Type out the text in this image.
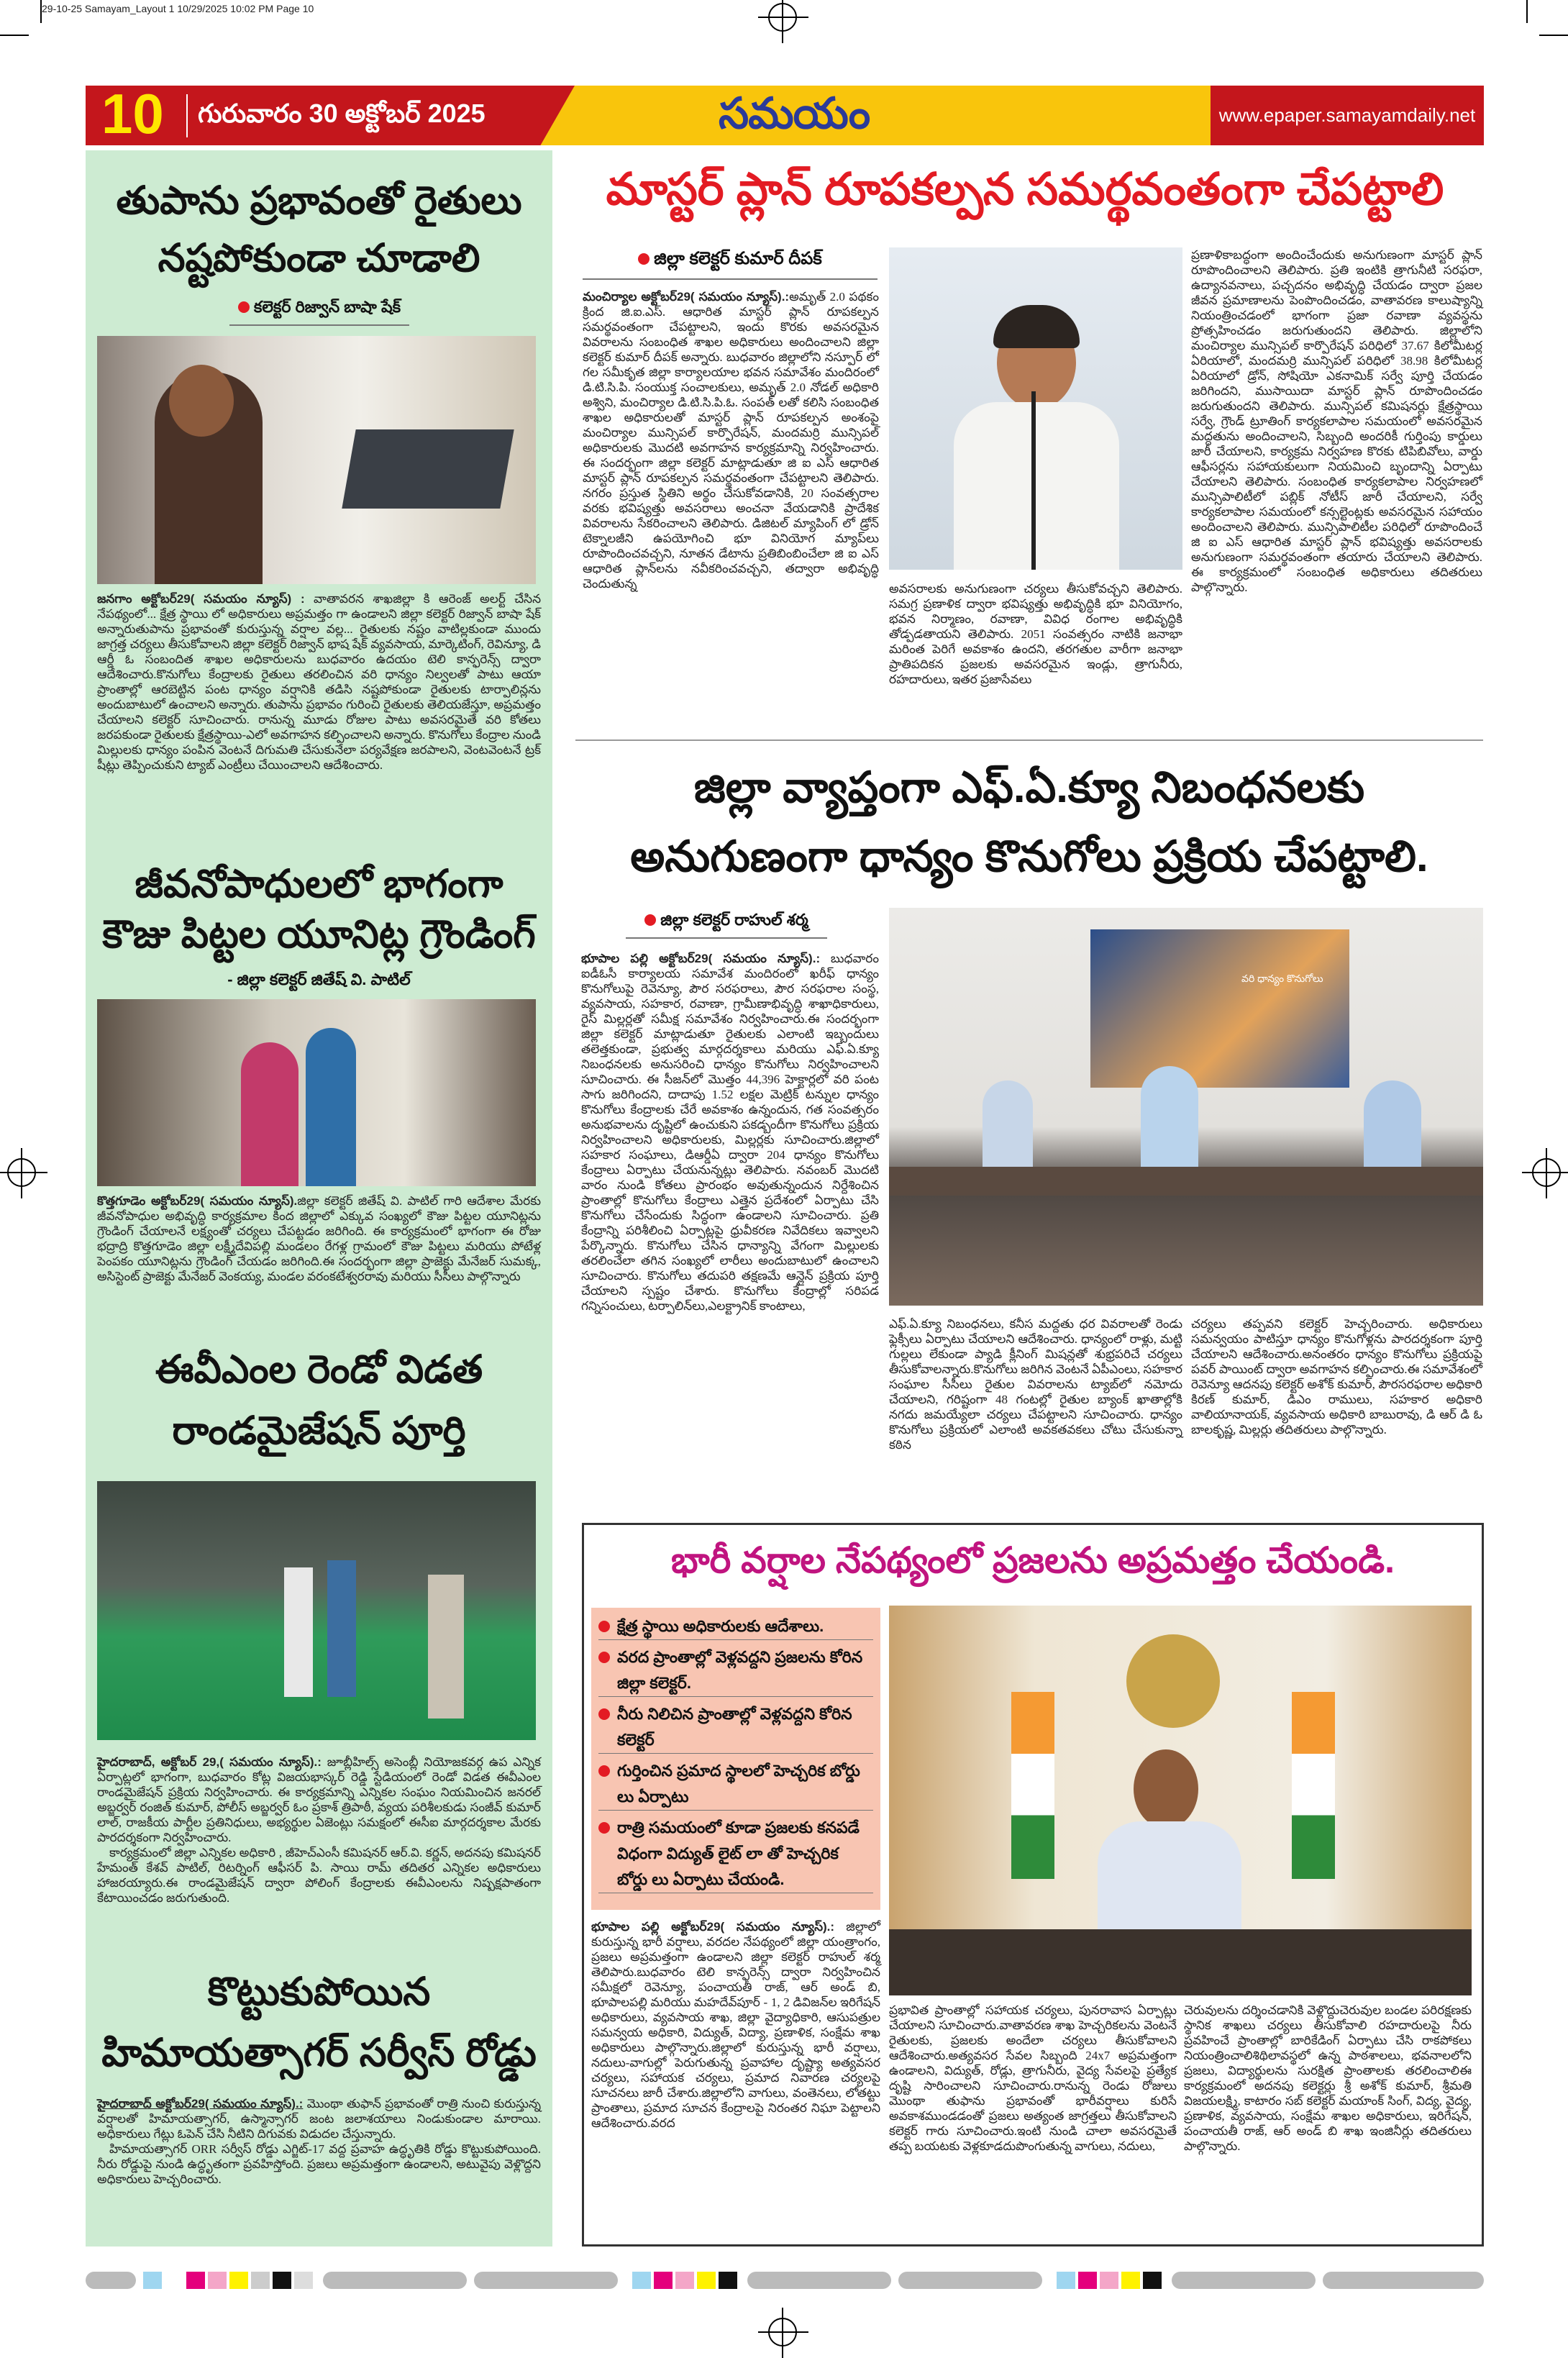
29-10-25 Samayam_Layout 1 10/29/2025 10:02 PM Page 10
10 గురువారం 30 అక్టోబర్ 2025	సమయం	www.epaper.samayamdaily.net
తుపాను ప్రభావంతో రైతులు
నష్టపోకుండా చూడాలి
కలెక్టర్ రిజ్వాన్ బాషా షేక్
జనగాం అక్టోబర్29( సమయం న్యూస్) : వాతావరన శాఖజిల్లా కి ఆరెంజ్ అలర్ట్ చేసిన నేపథ్యంలో... క్షేత్ర స్థాయి లో అధికారులు అప్రమత్తం గా ఉండాలని జిల్లా కలెక్టర్ రిజ్వాన్ బాషా షేక్ అన్నారుతుపాను ప్రభావంతో కురుస్తున్న వర్షాల వల్ల... రైతులకు నష్టం వాటిల్లకుండా ముందు జాగ్రత్త చర్యలు తీసుకోవాలని జిల్లా కలెక్టర్ రిజ్వాన్ భాష షేక్ వ్యవసాయ, మార్కెటింగ్, రెవిన్యూ, డి ఆర్డీ ఓ సంబందిత శాఖల అధికారులను బుధవారం ఉదయం టెలి కాన్ఫరెన్స్ ద్వారా ఆదేశించారు.కొనుగోలు కేంద్రాలకు రైతులు తరలించిన వరి ధాన్యం నిల్వలతో పాటు ఆయా ప్రాంతాల్లో ఆరబెట్టిన పంట ధాన్యం వర్షానికి తడిసి నష్టపోకుండా రైతులకు టార్పాలిన్లను అందుబాటులో ఉంచాలని అన్నారు. తుపాను ప్రభావం గురించి రైతులకు తెలియజేస్తూ, అప్రమత్తం చేయాలని కలెక్టర్ సూచించారు. రానున్న మూడు రోజుల పాటు అవసరమైతే వరి కోతలు జరపకుండా రైతులకు క్షేత్రస్థాయి-ఎలో అవగాహన కల్పించాలని అన్నారు. కొనుగోలు కేంద్రాల నుండి మిల్లులకు ధాన్యం పంపిన వెంటనే దిగుమతి చేసుకునేలా పర్యవేక్షణ జరపాలని, వెంటవెంటనే ట్రక్ షీట్లు తెప్పించుకుని ట్యాబ్ ఎంట్రీలు చేయించాలని ఆదేశించారు.
జీవనోపాధులలో భాగంగా
కౌజు పిట్టల యూనిట్ల గ్రౌండింగ్
- జిల్లా కలెక్టర్ జితేష్ వి. పాటిల్
కొత్తగూడెం అక్టోబర్29( సమయం న్యూస్).జిల్లా కలెక్టర్ జితేష్ వి. పాటిల్ గారి ఆదేశాల మేరకు జీవనోపాధుల అభివృద్ధి కార్యక్రమాల కింద జిల్లాలో ఎక్కువ సంఖ్యలో కౌజు పిట్టల యూనిట్లను గ్రౌండింగ్ చేయాలనే లక్ష్యంతో చర్యలు చేపట్టడం జరిగింది. ఈ కార్యక్రమంలో భాగంగా ఈ రోజు భద్రాద్రి కొత్తగూడెం జిల్లా లక్ష్మీదేవిపల్లి మండలం రేగళ్ల గ్రామంలో కౌజు పిట్టలు మరియు పోటేళ్ల పెంపకం యూనిట్లను గ్రౌండింగ్ చేయడం జరిగింది.ఈ సందర్భంగా జిల్లా ప్రాజెక్టు మేనేజర్ సుమక్క, అసిస్టెంట్ ప్రాజెక్టు మేనేజర్ వెంకయ్య, మండల వరంకటేశ్వరరావు మరియు సీసీలు పాల్గొన్నారు
ఈవీఎంల రెండో విడత
రాండమైజేషన్ పూర్తి
హైదరాబాద్, అక్టోబర్ 29,( సమయం న్యూస్).: జూబ్లీహిల్స్ అసెంబ్లీ నియోజకవర్గ ఉప ఎన్నిక ఏర్పాట్లలో భాగంగా, బుధవారం కోట్ల విజయభాస్కర్ రెడ్డి స్టేడియంలో రెండో విడత ఈవీఎంల రాండమైజేషన్ ప్రక్రియ నిర్వహించారు. ఈ కార్యక్రమాన్ని ఎన్నికల సంఘం నియమించిన జనరల్ అబ్జర్వర్ రంజిత్ కుమార్, పోలీస్ అబ్జర్వర్ ఓం ప్రకాశ్ త్రిపాఠీ, వ్యయ పరిశీలకుడు సంజీవ్ కుమార్ లాల్, రాజకీయ పార్టీల ప్రతినిధులు, అభ్యర్థుల ఏజెంట్లు సమక్షంలో ఈసీఐ మార్గదర్శకాల మేరకు పారదర్శకంగా నిర్వహించారు.
 కార్యక్రమంలో జిల్లా ఎన్నికల అధికారి , జీహెచ్ఎంసీ కమిషనర్ ఆర్.వి. కర్ణన్, అదనపు కమిషనర్ హేమంత్ కేశవ్ పాటిల్, రిటర్నింగ్ ఆఫీసర్ పి. సాయి రామ్ తదితర ఎన్నికల అధికారులు హాజరయ్యారు.ఈ రాండమైజేషన్ ద్వారా పోలింగ్ కేంద్రాలకు ఈవీఎంలను నిష్పక్షపాతంగా కేటాయించడం జరుగుతుంది.
కొట్టుకుపోయిన
హిమాయత్సాగర్ సర్వీస్ రోడ్డు
హైదరాబాద్ అక్టోబర్29( సమయం న్యూస్).: మొంథా తుఫాన్ ప్రభావంతో రాత్రి నుంచి కురుస్తున్న వర్షాలతో హిమాయత్సాగర్, ఉస్మాన్సాగర్ జంట జలాశయాలు నిండుకుండాల మారాయి. అధికారులు గేట్లు ఓపెన్ చేసి నీటిని దిగువకు విడుదల చేస్తున్నారు.
 హిమాయత్సాగర్ ORR సర్వీస్ రోడ్డు ఎగ్జిట్-17 వద్ద ప్రవాహ ఉద్ధృతికి రోడ్డు కొట్టుకుపోయింది. నీరు రోడ్డుపై నుండి ఉద్ధృతంగా ప్రవహిస్తోంది. ప్రజలు అప్రమత్తంగా ఉండాలని, అటువైపు వెళ్లొద్దని అధికారులు హెచ్చరించారు.
మాస్టర్ ప్లాన్ రూపకల్పన సమర్థవంతంగా చేపట్టాలి
జిల్లా కలెక్టర్ కుమార్ దీపక్
మంచిర్యాల అక్టోబర్29( సమయం న్యూస్).:అమృత్ 2.0 పథకం క్రింద జి.ఐ.ఎస్. ఆధారిత మాస్టర్ ప్లాన్ రూపకల్పన సమర్థవంతంగా చేపట్టాలని, ఇందు కొరకు అవసరమైన వివరాలను సంబంధిత శాఖల అధికారులు అందించాలని జిల్లా కలెక్టర్ కుమార్ దీపక్ అన్నారు. బుధవారం జిల్లాలోని నస్పూర్ లో గల సమీకృత జిల్లా కార్యాలయాల భవన సమావేశం మందిరంలో డి.టి.సి.పి. సంయుక్త సంచాలకులు, అమృత్ 2.0 నోడల్ అధికారి అశ్విని, మంచిర్యాల డి.టి.సి.పి.ఓ. సంపత్ లతో కలిసి సంబంధిత శాఖల అధికారులతో మాస్టర్ ప్లాన్ రూపకల్పన అంశంపై మంచిర్యాల మున్సిపల్ కార్పొరేషన్, మందమర్రి మున్సిపల్ అధికారులకు మొదటి అవగాహన కార్యక్రమాన్ని నిర్వహించారు. ఈ సందర్భంగా జిల్లా కలెక్టర్ మాట్లాడుతూ జి ఐ ఎస్ ఆధారిత మాస్టర్ ప్లాన్ రూపకల్పన సమర్థవంతంగా చేపట్టాలని తెలిపారు. నగరం ప్రస్తుత స్థితిని అర్థం చేసుకోవడానికి, 20 సంవత్సరాల వరకు భవిష్యత్తు అవసరాలు అంచనా వేయడానికి ప్రాదేశిక వివరాలను సేకరించాలని తెలిపారు. డిజిటల్ మ్యాపింగ్ లో డ్రోన్ టెక్నాలజీని ఉపయోగించి భూ వినియోగ మ్యాప్‌లు రూపొందించవచ్చని, నూతన డేటాను ప్రతిబింబించేలా జి ఐ ఎస్ ఆధారిత ప్లాన్‌లను నవీకరించవచ్చని, తద్వారా అభివృద్ధి చెందుతున్న	అవసరాలకు అనుగుణంగా చర్యలు తీసుకోవచ్చని తెలిపారు. సమగ్ర ప్రణాళిక ద్వారా భవిష్యత్తు అభివృద్ధికి భూ వినియోగం, భవన నిర్మాణం, రవాణా, వివిధ రంగాల అభివృద్ధికి తోడ్పడతాయని తెలిపారు. 2051 సంవత్సరం నాటికి జనాభా మరింత పెరిగే అవకాశం ఉందని, తరగతుల వారీగా జనాభా ప్రాతిపదికన ప్రజలకు అవసరమైన ఇండ్లు, త్రాగునీరు, రహదారులు, ఇతర ప్రజాసేవలు
ప్రణాళికాబద్ధంగా అందించేందుకు అనుగుణంగా మాస్టర్ ప్లాన్ రూపొందించాలని తెలిపారు. ప్రతి ఇంటికి త్రాగునీటి సరఫరా, ఉద్యానవనాలు, పచ్చదనం అభివృద్ధి చేయడం ద్వారా ప్రజల జీవన ప్రమాణాలను పెంపొందించడం, వాతావరణ కాలుష్యాన్ని నియంత్రించడంలో భాగంగా ప్రజా రవాణా వ్యవస్థను ప్రోత్సహించడం జరుగుతుందని తెలిపారు. జిల్లాలోని మంచిర్యాల మున్సిపల్ కార్పొరేషన్ పరిధిలో 37.67 కిలోమీటర్ల ఏరియాలో, మందమర్రి మున్సిపల్ పరిధిలో 38.98 కిలోమీటర్ల ఏరియాలో డ్రోన్, సోషియో ఎకనామిక్ సర్వే పూర్తి చేయడం జరిగిందని, ముసాయిదా మాస్టర్ ప్లాన్ రూపొందించడం జరుగుతుందని తెలిపారు. మున్సిపల్ కమిషనర్లు క్షేత్రస్థాయి సర్వే, గ్రౌండ్ ట్రూతింగ్ కార్యకలాపాల సమయంలో అవసరమైన మద్దతును అందించాలని, సిబ్బంది అందరికీ గుర్తింపు కార్డులు జారీ చేయాలని, కార్యక్రమ నిర్వహణ కొరకు టిపిబివోలు, వార్డు ఆఫీసర్లను సహాయకులుగా నియమించి బృందాన్ని ఏర్పాటు చేయాలని తెలిపారు. సంబంధిత కార్యకలాపాల నిర్వహణలో మున్సిపాలిటీలో పబ్లిక్ నోటీస్ జారీ చేయాలని, సర్వే కార్యకలాపాల సమయంలో కన్సల్టెంట్లకు అవసరమైన సహాయం అందించాలని తెలిపారు. మున్సిపాలిటీల పరిధిలో రూపొందించే జి ఐ ఎస్ ఆధారిత మాస్టర్ ప్లాన్ భవిష్యత్తు అవసరాలకు అనుగుణంగా సమర్థవంతంగా తయారు చేయాలని తెలిపారు. ఈ కార్యక్రమంలో సంబంధిత అధికారులు తదితరులు పాల్గొన్నారు.
జిల్లా వ్యాప్తంగా ఎఫ్.ఏ.క్యూ నిబంధనలకు
అనుగుణంగా ధాన్యం కొనుగోలు ప్రక్రియ చేపట్టాలి.
జిల్లా కలెక్టర్ రాహుల్ శర్మ
భూపాల పల్లి అక్టోబర్29( సమయం న్యూస్).: బుధవారం ఐడీఓసీ కార్యాలయ సమావేశ మందిరంలో ఖరీఫ్ ధాన్యం కొనుగోలుపై రెవెన్యూ, పౌర సరఫరాలు, పౌర సరఫరాల సంస్థ, వ్యవసాయ, సహకార, రవాణా, గ్రామీణాభివృద్ధి శాఖాధికారులు, రైస్ మిల్లర్లతో సమీక్ష సమావేశం నిర్వహించారు.ఈ సందర్భంగా జిల్లా కలెక్టర్ మాట్లాడుతూ రైతులకు ఎలాంటి ఇబ్బందులు తలెత్తకుండా, ప్రభుత్వ మార్గదర్శకాలు మరియు ఎఫ్.ఏ.క్యూ నిబంధనలకు అనుసరించి ధాన్యం కొనుగోలు నిర్వహించాలని సూచించారు. ఈ సీజన్‌లో మొత్తం 44,396 హెక్టార్లలో వరి పంట సాగు జరిగిందని, దాదాపు 1.52 లక్షల మెట్రిక్ టన్నుల ధాన్యం కొనుగోలు కేంద్రాలకు చేరే అవకాశం ఉన్నందున, గత సంవత్సరం అనుభవాలను దృష్టిలో ఉంచుకుని పకడ్బందీగా కొనుగోలు ప్రక్రియ నిర్వహించాలని అధికారులకు, మిల్లర్లకు సూచించారు.జిల్లాలో సహకార సంఘాలు, డిఆర్డీఏ ద్వారా 204 ధాన్యం కొనుగోలు కేంద్రాలు ఏర్పాటు చేయనున్నట్లు తెలిపారు. నవంబర్ మొదటి వారం నుండి కోతలు ప్రారంభం అవుతున్నందున నిర్దేశించిన ప్రాంతాల్లో కొనుగోలు కేంద్రాలు ఎత్తైన ప్రదేశంలో ఏర్పాటు చేసి కొనుగోలు చేసేందుకు సిద్ధంగా ఉండాలని సూచించారు. ప్రతి కేంద్రాన్ని పరిశీలించి ఏర్పాట్లపై ధ్రువీకరణ నివేదికలు ఇవ్వాలని పేర్కొన్నారు. కొనుగోలు చేసిన ధాన్యాన్ని వేగంగా మిల్లులకు తరలించేలా తగిన సంఖ్యలో లారీలు అందుబాటులో ఉంచాలని సూచించారు. కొనుగోలు తదుపరి తక్షణమే ఆన్లైన్ ప్రక్రియ పూర్తి చేయాలని స్పష్టం చేశారు. కొనుగోలు కేంద్రాల్లో సరిపడ గన్నిసంచులు, టర్పాలిన్‌లు,ఎలక్ట్రానిక్ కాంటాలు,
వరి ధాన్యం కొనుగోలు
ఎఫ్.ఏ.క్యూ నిబంధనలు, కనీస మద్దతు ధర వివరాలతో రెండు ఫ్లెక్సీలు ఏర్పాటు చేయాలని ఆదేశించారు. ధాన్యంలో రాళ్లు, మట్టి గుల్లలు లేకుండా ప్యాడి క్లీనింగ్ మిషన్లతో శుభ్రపరిచే చర్యలు తీసుకోవాలన్నారు.కొనుగోలు జరిగిన వెంటనే ఏపీఎంలు, సహకార సంఘాల సీసీలు రైతుల వివరాలను ట్యాబ్‌లో నమోదు చేయాలని, గరిష్టంగా 48 గంటల్లో రైతుల బ్యాంక్ ఖాతాల్లోకి నగదు జమయ్యేలా చర్యలు చేపట్టాలని సూచించారు. ధాన్యం కొనుగోలు ప్రక్రియలో ఎలాంటి అవకతవకలు చోటు చేసుకున్నా కఠిన
చర్యలు తప్పవని కలెక్టర్ హెచ్చరించారు. అధికారులు సమన్వయం పాటిస్తూ ధాన్యం కొనుగోళ్లను పారదర్శకంగా పూర్తి చేయాలని ఆదేశించారు.అనంతరం ధాన్యం కొనుగోలు ప్రక్రియపై పవర్ పాయింట్ ద్వారా అవగాహన కల్పించారు.ఈ సమావేశంలో రెవెన్యూ ఆదనపు కలెక్టర్ అశోక్ కుమార్, పౌరసరఫరాల అధికారి కిరణ్ కుమార్, డిఎం రాములు, సహకార అధికారి వాలియానాయక్, వ్యవసాయ అధికారి బాబురావు, డి ఆర్ డి ఓ బాలకృష్ణ, మిల్లర్లు తదితరులు పాల్గొన్నారు.
భారీ వర్షాల నేపథ్యంలో ప్రజలను అప్రమత్తం చేయండి.
క్షేత్ర స్థాయి అధికారులకు ఆదేశాలు.
వరద ప్రాంతాల్లో వెళ్లవద్దని ప్రజలను కోరిన జిల్లా కలెక్టర్.
నీరు నిలిచిన ప్రాంతాల్లో వెళ్లవద్దని కోరిన కలెక్టర్
గుర్తించిన ప్రమాద స్థాలలో హెచ్చరిక బోర్డు లు ఏర్పాటు
రాత్రి సమయంలో కూడా ప్రజలకు కనపడే విధంగా విద్యుత్ లైట్ లా తో హెచ్చరిక బోర్డు లు ఏర్పాటు చేయండి.
భూపాల పల్లి అక్టోబర్29( సమయం న్యూస్).: జిల్లాలో కురుస్తున్న భారీ వర్షాలు, వరదల నేపథ్యంలో జిల్లా యంత్రాంగం, ప్రజలు అప్రమత్తంగా ఉండాలని జిల్లా కలెక్టర్ రాహుల్ శర్మ తెలిపారు.బుధవారం టెలి కాన్ఫరెన్స్ ద్వారా నిర్వహించిన సమీక్షలో రెవెన్యూ, పంచాయతీ రాజ్, ఆర్ అండ్ బి, భూపాలపల్లి మరియు మహదేవ్‌పూర్ - 1, 2 డివిజన్‌ల ఇరిగేషన్ అధికారులు, వ్యవసాయ శాఖ, జిల్లా వైద్యాధికారి, ఆసుపత్రుల సమన్వయ అధికారి, విద్యుత్, విద్యా, ప్రణాళిక, సంక్షేమ శాఖ అధికారులు పాల్గొన్నారు.జిల్లాలో కురుస్తున్న భారీ వర్షాలు, నదులు-వాగుల్లో పెరుగుతున్న ప్రవాహాల దృష్ట్యా అత్యవసర చర్యలు, సహాయక చర్యలు, ప్రమాద నివారణ చర్యలపై సూచనలు జారీ చేశారు.జిల్లాలోని వాగులు, వంతెనలు, లోతట్టు ప్రాంతాలు, ప్రమాద సూచన కేంద్రాలపై నిరంతర నిఘా పెట్టాలని ఆదేశించారు.వరద
ప్రభావిత ప్రాంతాల్లో సహాయక చర్యలు, పునరావాస ఏర్పాట్లు చేయాలని సూచించారు.వాతావరణ శాఖ హెచ్చరికలను వెంటనే రైతులకు, ప్రజలకు అందేలా చర్యలు తీసుకోవాలని ఆదేశించారు.అత్యవసర సేవల సిబ్బంది 24x7 అప్రమత్తంగా ఉండాలని, విద్యుత్, రోడ్లు, త్రాగునీరు, వైద్య సేవలపై ప్రత్యేక దృష్టి సారించాలని సూచించారు.రానున్న రెండు రోజులు మొంథా తుఫాను ప్రభావంతో భారీవర్షాలు కురిసే అవకాశముండడంతో ప్రజలు అత్యంత జాగ్రత్తలు తీసుకోవాలని కలెక్టర్ గారు సూచించారు.ఇంటి నుండి చాలా అవసరమైతే తప్ప బయటకు వెళ్లకూడదుపొంగుతున్న వాగులు, నదులు,
చెరువులను దర్శించడానికి వెళ్లొద్దుచెరువుల బండల పరిరక్షణకు స్థానిక శాఖలు చర్యలు తీసుకోవాలి రహదారులపై నీరు ప్రవహించే ప్రాంతాల్లో బారికేడింగ్ ఏర్పాటు చేసి రాకపోకలు నియంత్రించాలిశిథిలావస్థలో ఉన్న పాఠశాలలు, భవనాలలోని ప్రజలు, విద్యార్థులను సురక్షిత ప్రాంతాలకు తరలించాలిఈ కార్యక్రమంలో అదనపు కలెక్టర్లు శ్రీ అశోక్ కుమార్, శ్రీమతి విజయలక్ష్మి, కాటారం సబ్ కలెక్టర్ మయాంక్ సింగ్, విద్య, వైద్య, ప్రణాళిక, వ్యవసాయ, సంక్షేమ శాఖల అధికారులు, ఇరిగేషన్, పంచాయతీ రాజ్, ఆర్ అండ్ బి శాఖ ఇంజినీర్లు తదితరులు పాల్గొన్నారు.
